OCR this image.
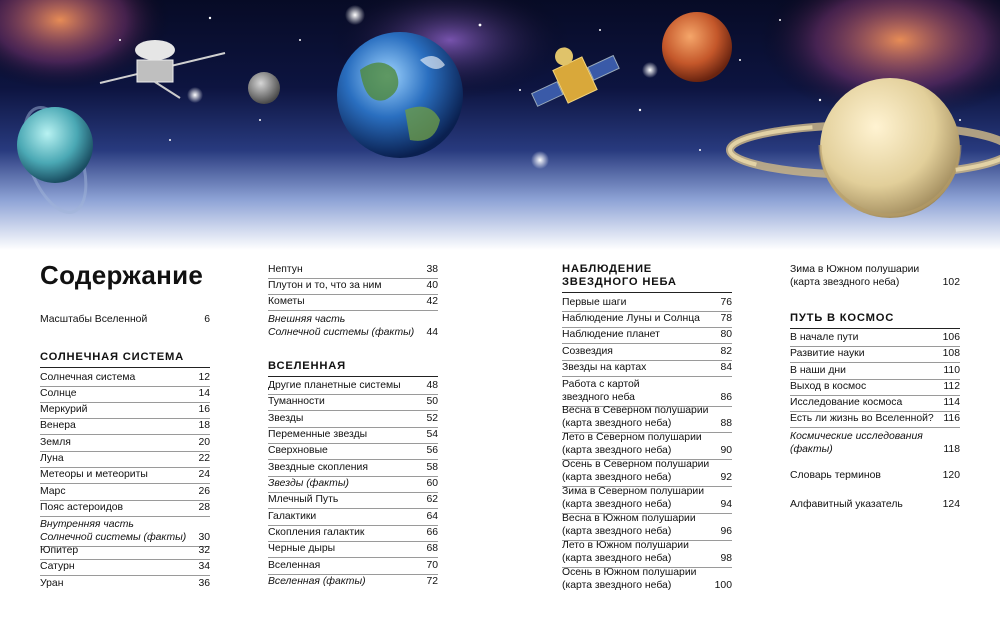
Содержание
Масштабы Вселенной	6
СОЛНЕЧНАЯ СИСТЕМА
Солнечная система	12
Солнце	14
Меркурий	16
Венера	18
Земля	20
Луна	22
Метеоры и метеориты	24
Марс	26
Пояс астероидов	28
Внутренняя часть
Солнечной системы (факты)	30
Юпитер	32
Сатурн	34
Уран	36
Нептун	38
Плутон и то, что за ним	40
Кометы	42
Внешняя часть
Солнечной системы (факты)	44
ВСЕЛЕННАЯ
Другие планетные системы	48
Туманности	50
Звезды	52
Переменные звезды	54
Сверхновые	56
Звездные скопления	58
Звезды (факты)	60
Млечный Путь	62
Галактики	64
Скопления галактик	66
Черные дыры	68
Вселенная	70
Вселенная (факты)	72
НАБЛЮДЕНИЕ
ЗВЕЗДНОГО НЕБА
Первые шаги	76
Наблюдение Луны и Солнца	78
Наблюдение планет	80
Созвездия	82
Звезды на картах	84
Работа с картой
звездного неба	86
Весна в Северном полушарии
(карта звездного неба)	88
Лето в Северном полушарии
(карта звездного неба)	90
Осень в Северном полушарии
(карта звездного неба)	92
Зима в Северном полушарии
(карта звездного неба)	94
Весна в Южном полушарии
(карта звездного неба)	96
Лето в Южном полушарии
(карта звездного неба)	98
Осень в Южном полушарии
(карта звездного неба)	100
Зима в Южном полушарии
(карта звездного неба)	102
ПУТЬ В КОСМОС
В начале пути	106
Развитие науки	108
В наши дни	110
Выход в космос	112
Исследование космоса	114
Есть ли жизнь во Вселенной? 116
Космические исследования
(факты)	118
Словарь терминов	120
Алфавитный указатель	124
